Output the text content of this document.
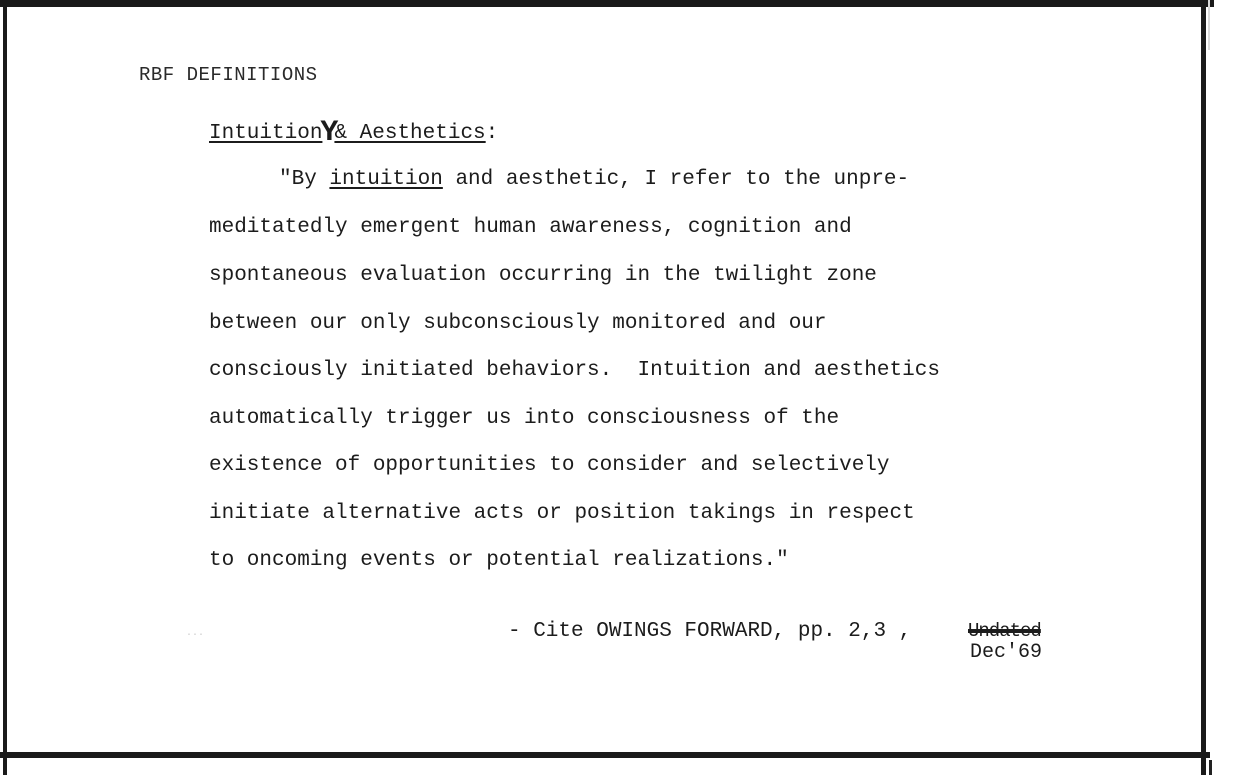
RBF DEFINITIONS
IntuitionY& Aesthetics:
"By intuition and aesthetic, I refer to the unpre-
meditatedly emergent human awareness, cognition and
spontaneous evaluation occurring in the twilight zone
between our only subconsciously monitored and our
consciously initiated behaviors.  Intuition and aesthetics
automatically trigger us into consciousness of the
existence of opportunities to consider and selectively
initiate alternative acts or position takings in respect
to oncoming events or potential realizations."
∙∙∙	- Cite OWINGS FORWARD, pp. 2,3 ,	Undated
Dec'69
